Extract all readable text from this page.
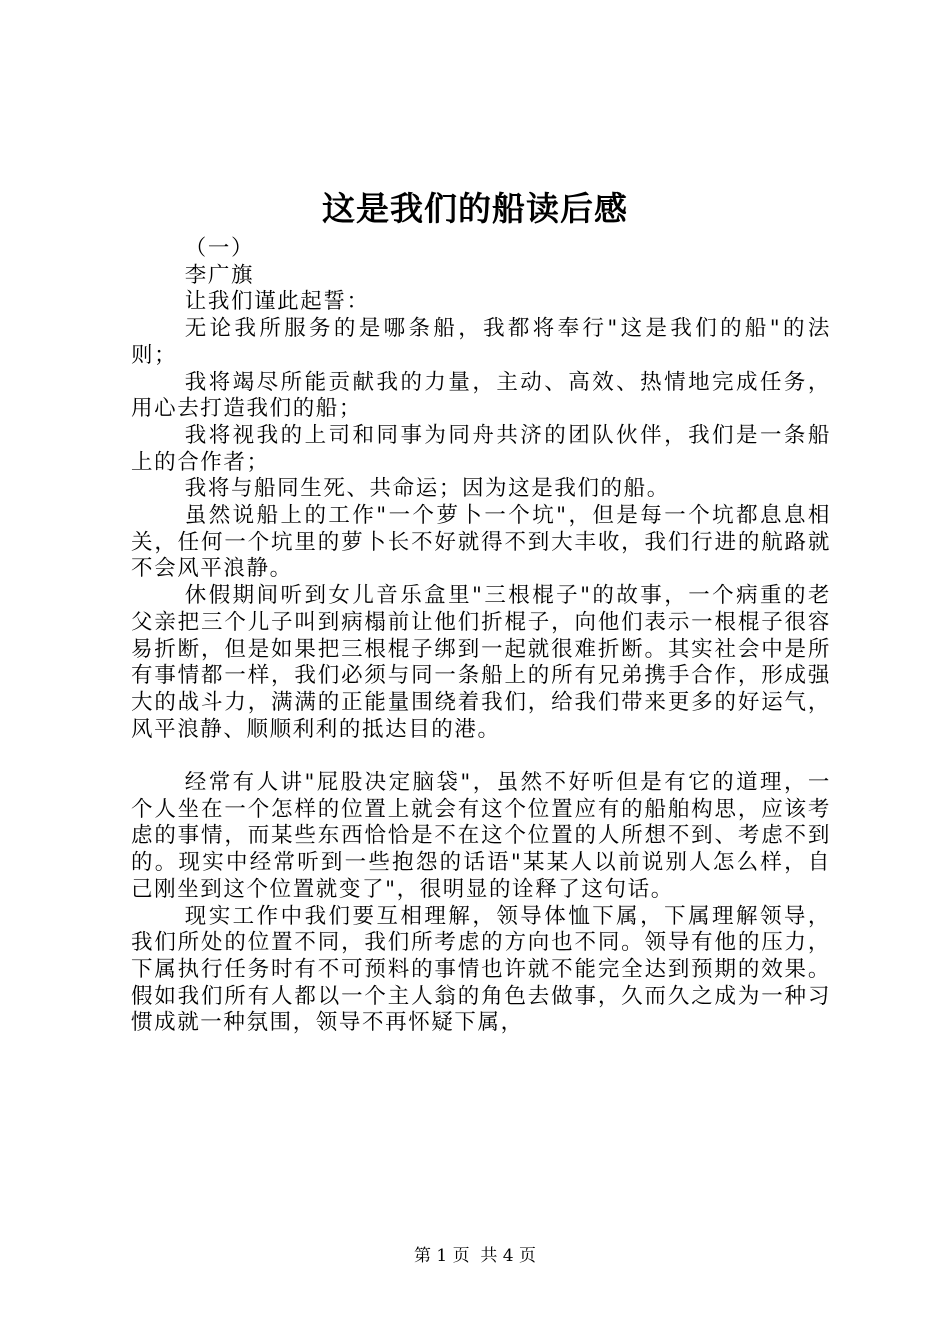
这是我们的船读后感

（一）

李广旗

让我们谨此起誓：

无论我所服务的是哪条船，我都将奉行"这是我们的船"的法则；

我将竭尽所能贡献我的力量，主动、高效、热情地完成任务，用心去打造我们的船；

我将视我的上司和同事为同舟共济的团队伙伴，我们是一条船上的合作者；

我将与船同生死、共命运；因为这是我们的船。

虽然说船上的工作"一个萝卜一个坑"，但是每一个坑都息息相关，任何一个坑里的萝卜长不好就得不到大丰收，我们行进的航路就不会风平浪静。

休假期间听到女儿音乐盒里"三根棍子"的故事，一个病重的老父亲把三个儿子叫到病榻前让他们折棍子，向他们表示一根棍子很容易折断，但是如果把三根棍子绑到一起就很难折断。其实社会中是所有事情都一样，我们必须与同一条船上的所有兄弟携手合作，形成强大的战斗力，满满的正能量围绕着我们，给我们带来更多的好运气，风平浪静、顺顺利利的抵达目的港。

经常有人讲"屁股决定脑袋"，虽然不好听但是有它的道理，一个人坐在一个怎样的位置上就会有这个位置应有的船舶构思，应该考虑的事情，而某些东西恰恰是不在这个位置的人所想不到、考虑不到的。现实中经常听到一些抱怨的话语"某某人以前说别人怎么样，自己刚坐到这个位置就变了"，很明显的诠释了这句话。

现实工作中我们要互相理解，领导体恤下属，下属理解领导，我们所处的位置不同，我们所考虑的方向也不同。领导有他的压力，下属执行任务时有不可预料的事情也许就不能完全达到预期的效果。假如我们所有人都以一个主人翁的角色去做事，久而久之成为一种习惯成就一种氛围，领导不再怀疑下属，

第 1 页  共 4 页
